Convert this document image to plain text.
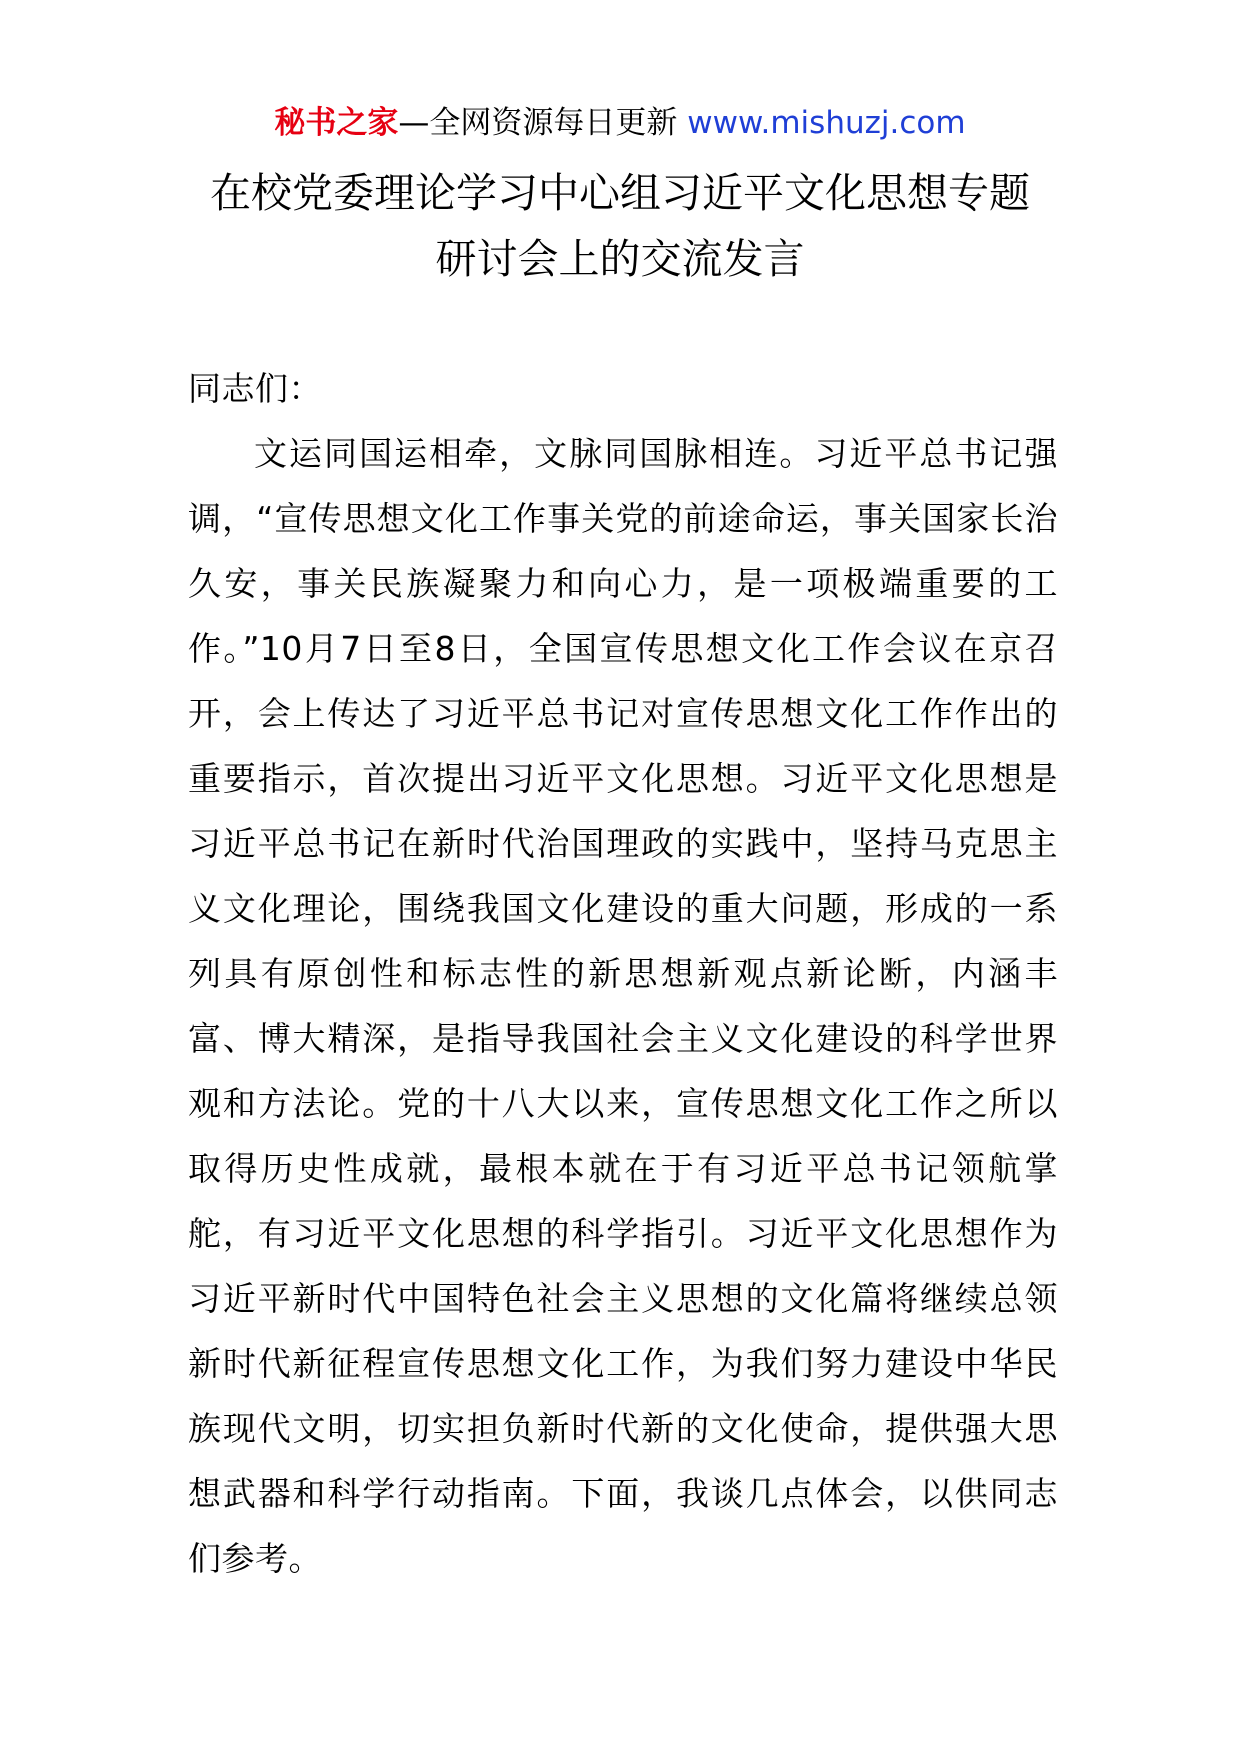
秘书之家—全网资源每日更新 www.mishuzj.com
在校党委理论学习中心组习近平文化思想专题
研讨会上的交流发言

同志们：

文运同国运相牵，文脉同国脉相连。习近平总书记强调，“宣传思想文化工作事关党的前途命运，事关国家长治久安，事关民族凝聚力和向心力，是一项极端重要的工作。”10月7日至8日，全国宣传思想文化工作会议在京召开，会上传达了习近平总书记对宣传思想文化工作作出的重要指示，首次提出习近平文化思想。习近平文化思想是习近平总书记在新时代治国理政的实践中，坚持马克思主义文化理论，围绕我国文化建设的重大问题，形成的一系列具有原创性和标志性的新思想新观点新论断，内涵丰富、博大精深，是指导我国社会主义文化建设的科学世界观和方法论。党的十八大以来，宣传思想文化工作之所以取得历史性成就，最根本就在于有习近平总书记领航掌舵，有习近平文化思想的科学指引。习近平文化思想作为习近平新时代中国特色社会主义思想的文化篇将继续总领新时代新征程宣传思想文化工作，为我们努力建设中华民族现代文明，切实担负新时代新的文化使命，提供强大思想武器和科学行动指南。下面，我谈几点体会，以供同志们参考。
